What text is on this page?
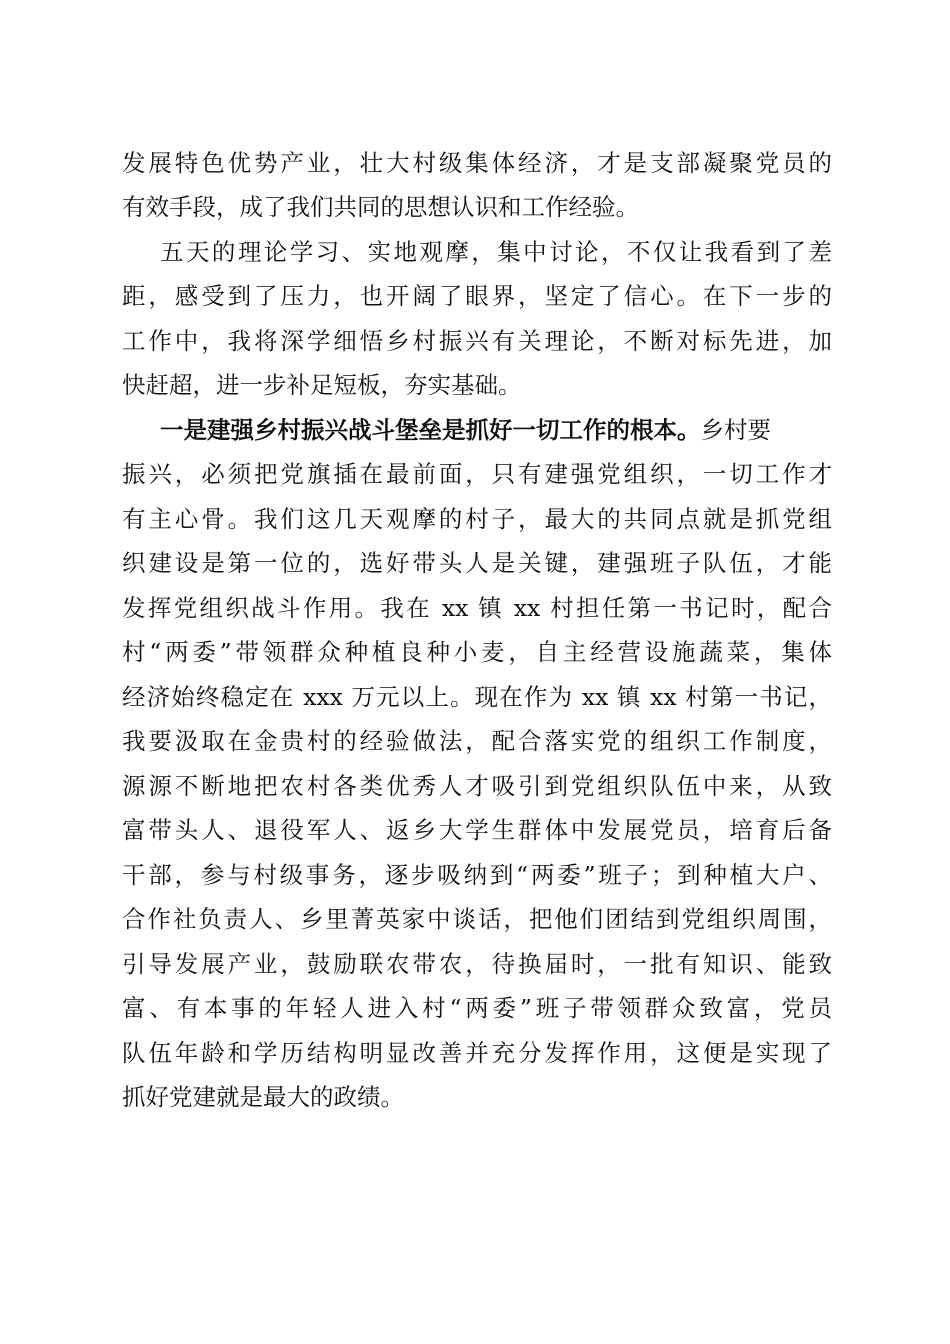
发展特色优势产业，壮大村级集体经济，才是支部凝聚党员的
有效手段，成了我们共同的思想认识和工作经验。
五天的理论学习、实地观摩，集中讨论，不仅让我看到了差
距，感受到了压力，也开阔了眼界，坚定了信心。在下一步的
工作中，我将深学细悟乡村振兴有关理论，不断对标先进，加
快赶超，进一步补足短板，夯实基础。
一是建强乡村振兴战斗堡垒是抓好一切工作的根本。乡村要
振兴，必须把党旗插在最前面，只有建强党组织，一切工作才
有主心骨。我们这几天观摩的村子，最大的共同点就是抓党组
织建设是第一位的，选好带头人是关键，建强班子队伍，才能
发挥党组织战斗作用。我在 xx 镇 xx 村担任第一书记时，配合
村“两委”带领群众种植良种小麦，自主经营设施蔬菜，集体
经济始终稳定在 xxx 万元以上。现在作为 xx 镇 xx 村第一书记，
我要汲取在金贵村的经验做法，配合落实党的组织工作制度，
源源不断地把农村各类优秀人才吸引到党组织队伍中来，从致
富带头人、退役军人、返乡大学生群体中发展党员，培育后备
干部，参与村级事务，逐步吸纳到“两委”班子；到种植大户、
合作社负责人、乡里菁英家中谈话，把他们团结到党组织周围，
引导发展产业，鼓励联农带农，待换届时，一批有知识、能致
富、有本事的年轻人进入村“两委”班子带领群众致富，党员
队伍年龄和学历结构明显改善并充分发挥作用，这便是实现了
抓好党建就是最大的政绩。
